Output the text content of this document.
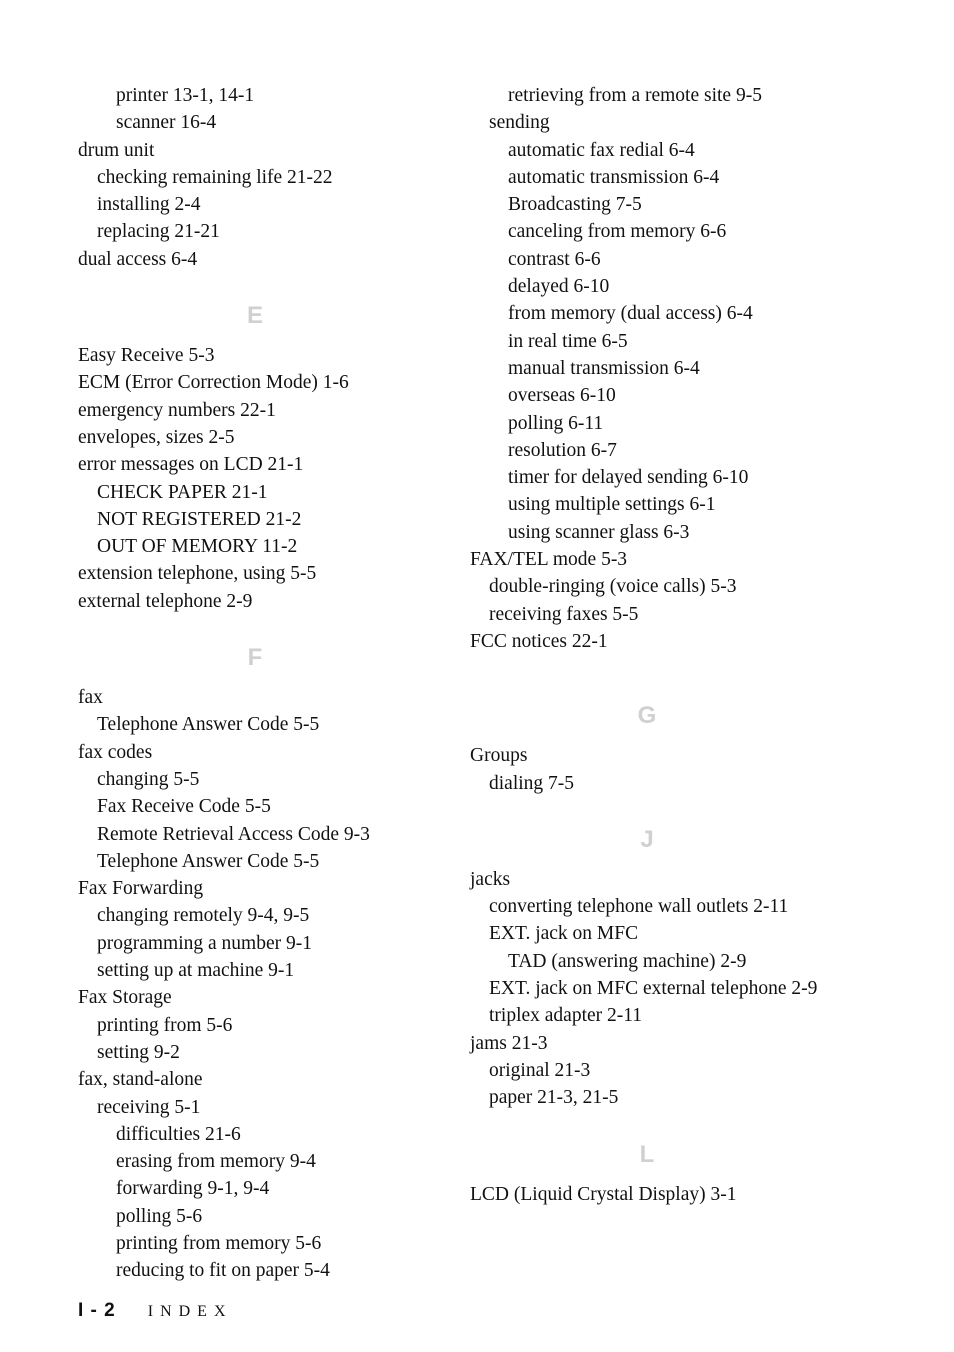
printer 13-1, 14-1
scanner 16-4
drum unit
checking remaining life 21-22
installing 2-4
replacing 21-21
dual access 6-4
E
Easy Receive 5-3
ECM (Error Correction Mode) 1-6
emergency numbers 22-1
envelopes, sizes 2-5
error messages on LCD 21-1
CHECK PAPER 21-1
NOT REGISTERED 21-2
OUT OF MEMORY 11-2
extension telephone, using 5-5
external telephone 2-9
F
fax
Telephone Answer Code 5-5
fax codes
changing 5-5
Fax Receive Code 5-5
Remote Retrieval Access Code 9-3
Telephone Answer Code 5-5
Fax Forwarding
changing remotely 9-4, 9-5
programming a number 9-1
setting up at machine 9-1
Fax Storage
printing from 5-6
setting 9-2
fax, stand-alone
receiving 5-1
difficulties 21-6
erasing from memory 9-4
forwarding 9-1, 9-4
polling 5-6
printing from memory 5-6
reducing to fit on paper 5-4
retrieving from a remote site 9-5
sending
automatic fax redial 6-4
automatic transmission 6-4
Broadcasting 7-5
canceling from memory 6-6
contrast 6-6
delayed 6-10
from memory (dual access) 6-4
in real time 6-5
manual transmission 6-4
overseas 6-10
polling 6-11
resolution 6-7
timer for delayed sending 6-10
using multiple settings 6-1
using scanner glass 6-3
FAX/TEL mode 5-3
double-ringing (voice calls) 5-3
receiving faxes 5-5
FCC notices 22-1
G
Groups
dialing 7-5
J
jacks
converting telephone wall outlets 2-11
EXT. jack on MFC
TAD (answering machine) 2-9
EXT. jack on MFC external telephone 2-9
triplex adapter 2-11
jams 21-3
original 21-3
paper 21-3, 21-5
L
LCD (Liquid Crystal Display) 3-1
I - 2 INDEX
